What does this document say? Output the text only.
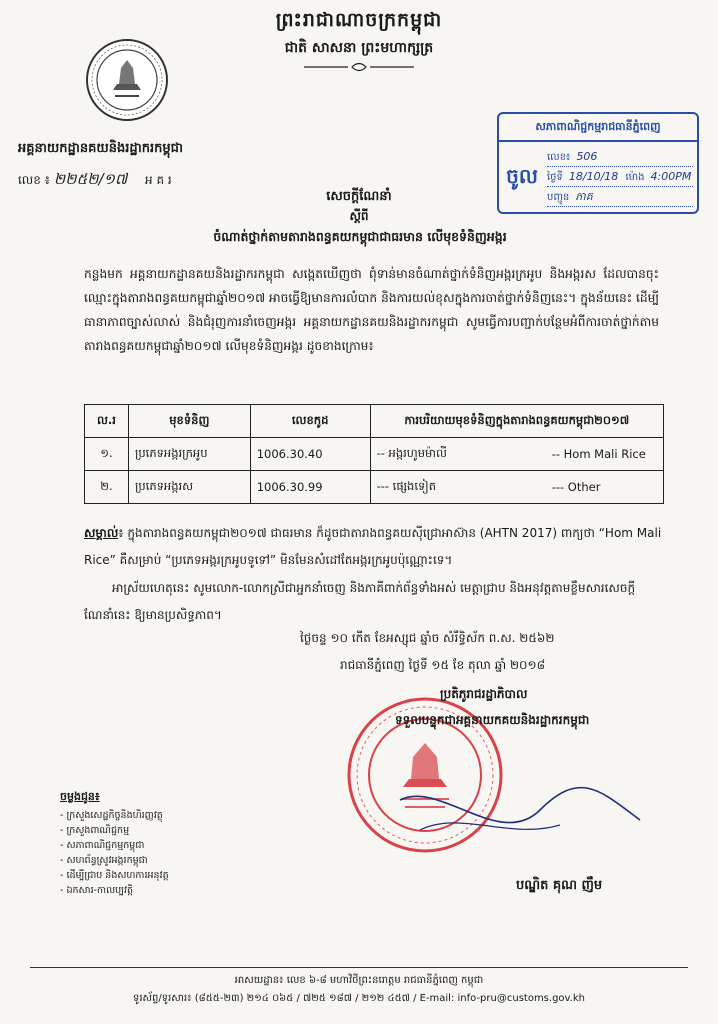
ព្រះរាជាណាចក្រកម្ពុជា
ជាតិ សាសនា ព្រះមហាក្សត្រ
អគ្គនាយកដ្ឋានគយនិងរដ្ឋាករកម្ពុជា
លេខ ៖ ២២៥២/១៧ អ គ រ
សភាពាណិជ្ជកម្ម​រាជធានីភ្នំពេញ
ចូល
លេខ៖ 506
ថ្ងៃទី 18/10/18 ម៉ោង 4:00PM
បញ្ជូន ភាគ
សេចក្ដីណែនាំ
ស្ដីពី
ចំណាត់ថ្នាក់តាមតារាងពន្ធគយកម្ពុជាជាធរមាន លើមុខទំនិញអង្ករ
កន្លងមក អគ្គនាយកដ្ឋានគយនិងរដ្ឋាករកម្ពុជា សង្កេតឃើញថា ពុំទាន់មានចំណាត់ថ្នាក់ទំនិញអង្ករក្រអូប និងអង្ករស ដែលបានចុះឈ្មោះក្នុងតារាងពន្ធគយកម្ពុជាឆ្នាំ២០១៧ អាចធ្វើឱ្យមានការលំបាក និងការយល់ខុសក្នុងការចាត់ថ្នាក់ទំនិញនេះ។ ក្នុងន័យនេះ ដើម្បីធានាភាពច្បាស់លាស់ និងជំរុញការនាំចេញអង្ករ អគ្គនាយកដ្ឋានគយនិងរដ្ឋាករកម្ពុជា សូមធ្វើការបញ្ជាក់បន្ថែមអំពីការចាត់ថ្នាក់តាមតារាងពន្ធគយកម្ពុជាឆ្នាំ២០១៧ លើមុខទំនិញអង្ករ ដូចខាងក្រោម៖
ល.រ	មុខទំនិញ	លេខកូដ	ការបរិយាយមុខទំនិញក្នុងតារាងពន្ធគយកម្ពុជា២០១៧	
១.	ប្រភេទអង្ករក្រអូប	1006.30.40	-- អង្ករហូមម៉ាលី	-- Hom Mali Rice
២.	ប្រភេទអង្ករស	1006.30.99	--- ផ្សេងទៀត	--- Other
សម្គាល់៖ ក្នុងតារាងពន្ធគយកម្ពុជា២០១៧ ជាធរមាន ក៏ដូចជាតារាងពន្ធគយស៊ីជ្រោអាស៊ាន (AHTN 2017) ពាក្យថា “Hom Mali Rice” គឺសម្រាប់ “ប្រភេទអង្ករក្រអូបទូទៅ” មិនមែនសំដៅតែអង្ករក្រអូបប៉ុណ្ណោះទេ។
អាស្រ័យហេតុនេះ សូមលោក-លោកស្រីជាអ្នកនាំចេញ និងភាគីពាក់ព័ន្ធទាំងអស់ មេត្តាជ្រាប និងអនុវត្តតាមខ្លឹមសារសេចក្ដីណែនាំនេះ ឱ្យមានប្រសិទ្ធភាព។
ថ្ងៃចន្ទ ១០ កើត ខែអស្សុជ ឆ្នាំច សំរឹទ្ធិស័ក ព.ស. ២៥៦២
រាជធានីភ្នំពេញ ថ្ងៃទី ១៥ ខែ តុលា ឆ្នាំ ២០១៨
ប្រតិភូរាជរដ្ឋាភិបាល
ទទួលបន្ទុកជាអគ្គនាយកគយនិងរដ្ឋាករកម្ពុជា
បណ្ឌិត គុណ ញឹម
ចម្លងជូន៖
- ក្រសួងសេដ្ឋកិច្ចនិងហិរញ្ញវត្ថុ
- ក្រសួងពាណិជ្ជកម្ម
- សភាពាណិជ្ជកម្មកម្ពុជា
- សហព័ន្ធស្រូវអង្ករកម្ពុជា
- ដើម្បីជ្រាប និងសហការអនុវត្ត
- ឯកសារ-កាលប្បវត្តិ
អាសយដ្ឋាន៖ លេខ ៦-៨ មហាវិថីព្រះនរោត្តម រាជធានីភ្នំពេញ កម្ពុជា
ទូរស័ព្ទ/ទូរសារ៖ (៨៥៥-២៣) ២១៤ ០៦៥ / ៧២៥ ១៨៧ / ២១២ ៤៥៧ / E-mail: info-pru@customs.gov.kh
